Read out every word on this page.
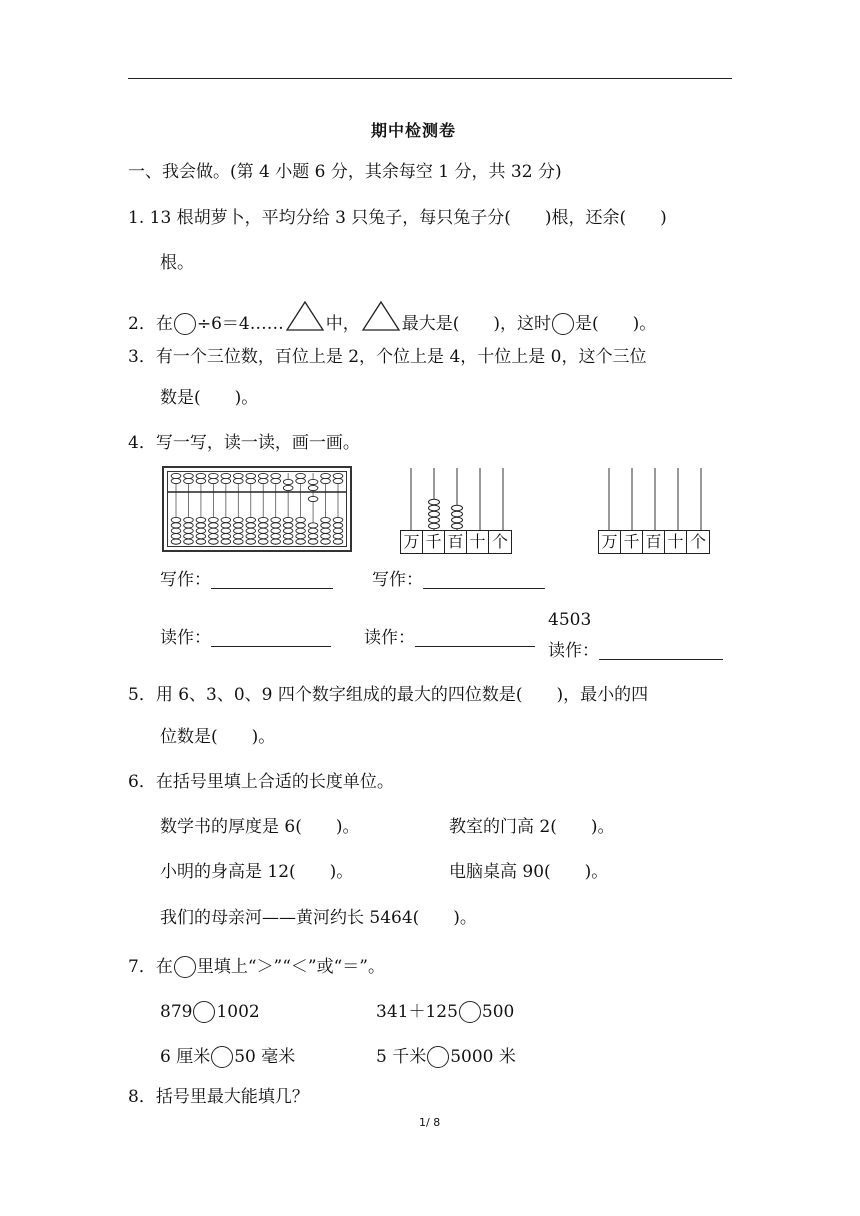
期中检测卷
一、我会做。(第 4 小题 6 分，其余每空 1 分，共 32 分)
1. 13 根胡萝卜，平均分给 3 只兔子，每只兔子分(　　)根，还余(　　)
根。
2．在 ÷6＝4…… 中， 最大是(　　)，这时 是(　　)。
3．有一个三位数，百位上是 2，个位上是 4，十位上是 0，这个三位
数是(　　)。
4．写一写，读一读，画一画。
万 千 百 十 个	万 千 百 十 个
写作：	写作：
读作：	读作：
4503
读作：
5．用 6、3、0、9 四个数字组成的最大的四位数是(　　)，最小的四
位数是(　　)。
6．在括号里填上合适的长度单位。
数学书的厚度是 6(　　)。	教室的门高 2(　　)。
小明的身高是 12(　　)。	电脑桌高 90(　　)。
我们的母亲河——黄河约长 5464(　　)。
7．在 里填上“＞”“＜”或“＝”。
879 1002	341＋125 500
6 厘米 50 毫米	5 千米 5000 米
8．括号里最大能填几？
1/ 8
